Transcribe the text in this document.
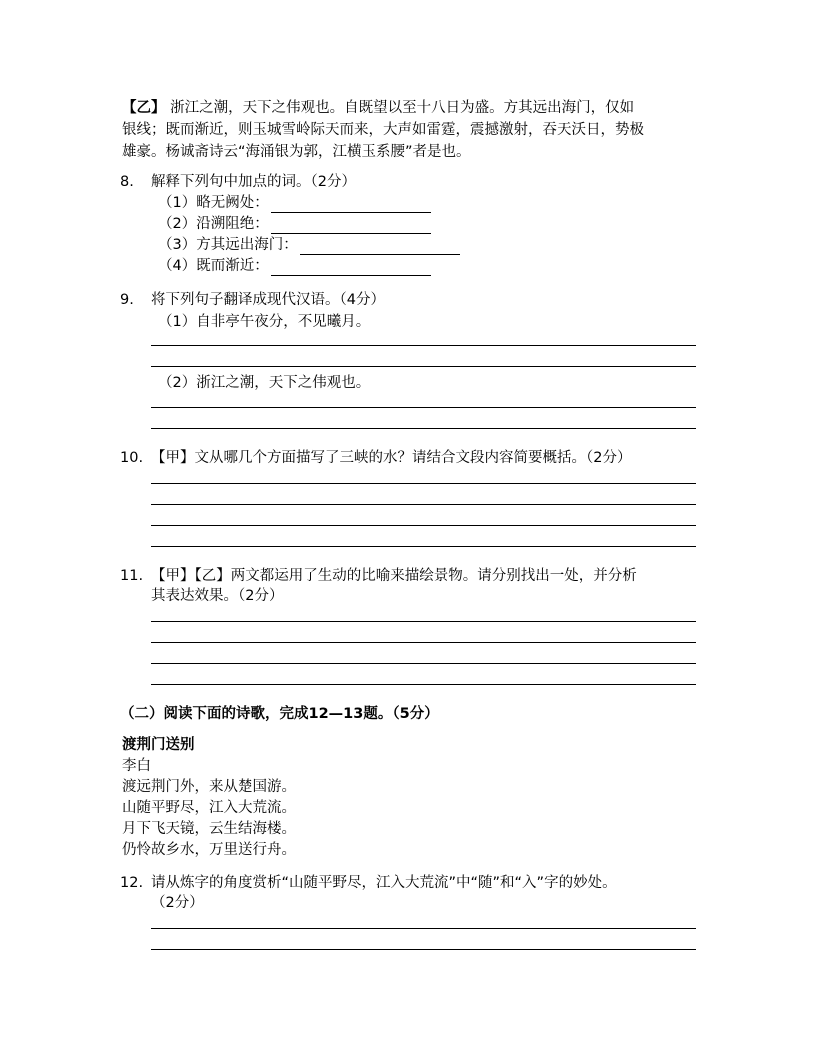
【乙】 浙江之潮，天下之伟观也。自既望以至十八日为盛。方其远出海门，仅如
银线；既而渐近，则玉城雪岭际天而来，大声如雷霆，震撼激射，吞天沃日，势极
雄豪。杨诚斋诗云“海涌银为郭，江横玉系腰”者是也。
8. 解释下列句中加点的词。（2分）
（1）略无阙处：
（2）沿溯阻绝：
（3）方其远出海门：
（4）既而渐近：
9. 将下列句子翻译成现代汉语。（4分）
（1）自非亭午夜分，不见曦月。
（2）浙江之潮，天下之伟观也。
10. 【甲】文从哪几个方面描写了三峡的水？请结合文段内容简要概括。（2分）
11. 【甲】【乙】两文都运用了生动的比喻来描绘景物。请分别找出一处，并分析
其表达效果。（2分）
（二）阅读下面的诗歌，完成12—13题。（5分）
渡荆门送别
李白
渡远荆门外，来从楚国游。
山随平野尽，江入大荒流。
月下飞天镜，云生结海楼。
仍怜故乡水，万里送行舟。
12. 请从炼字的角度赏析“山随平野尽，江入大荒流”中“随”和“入”字的妙处。
（2分）
